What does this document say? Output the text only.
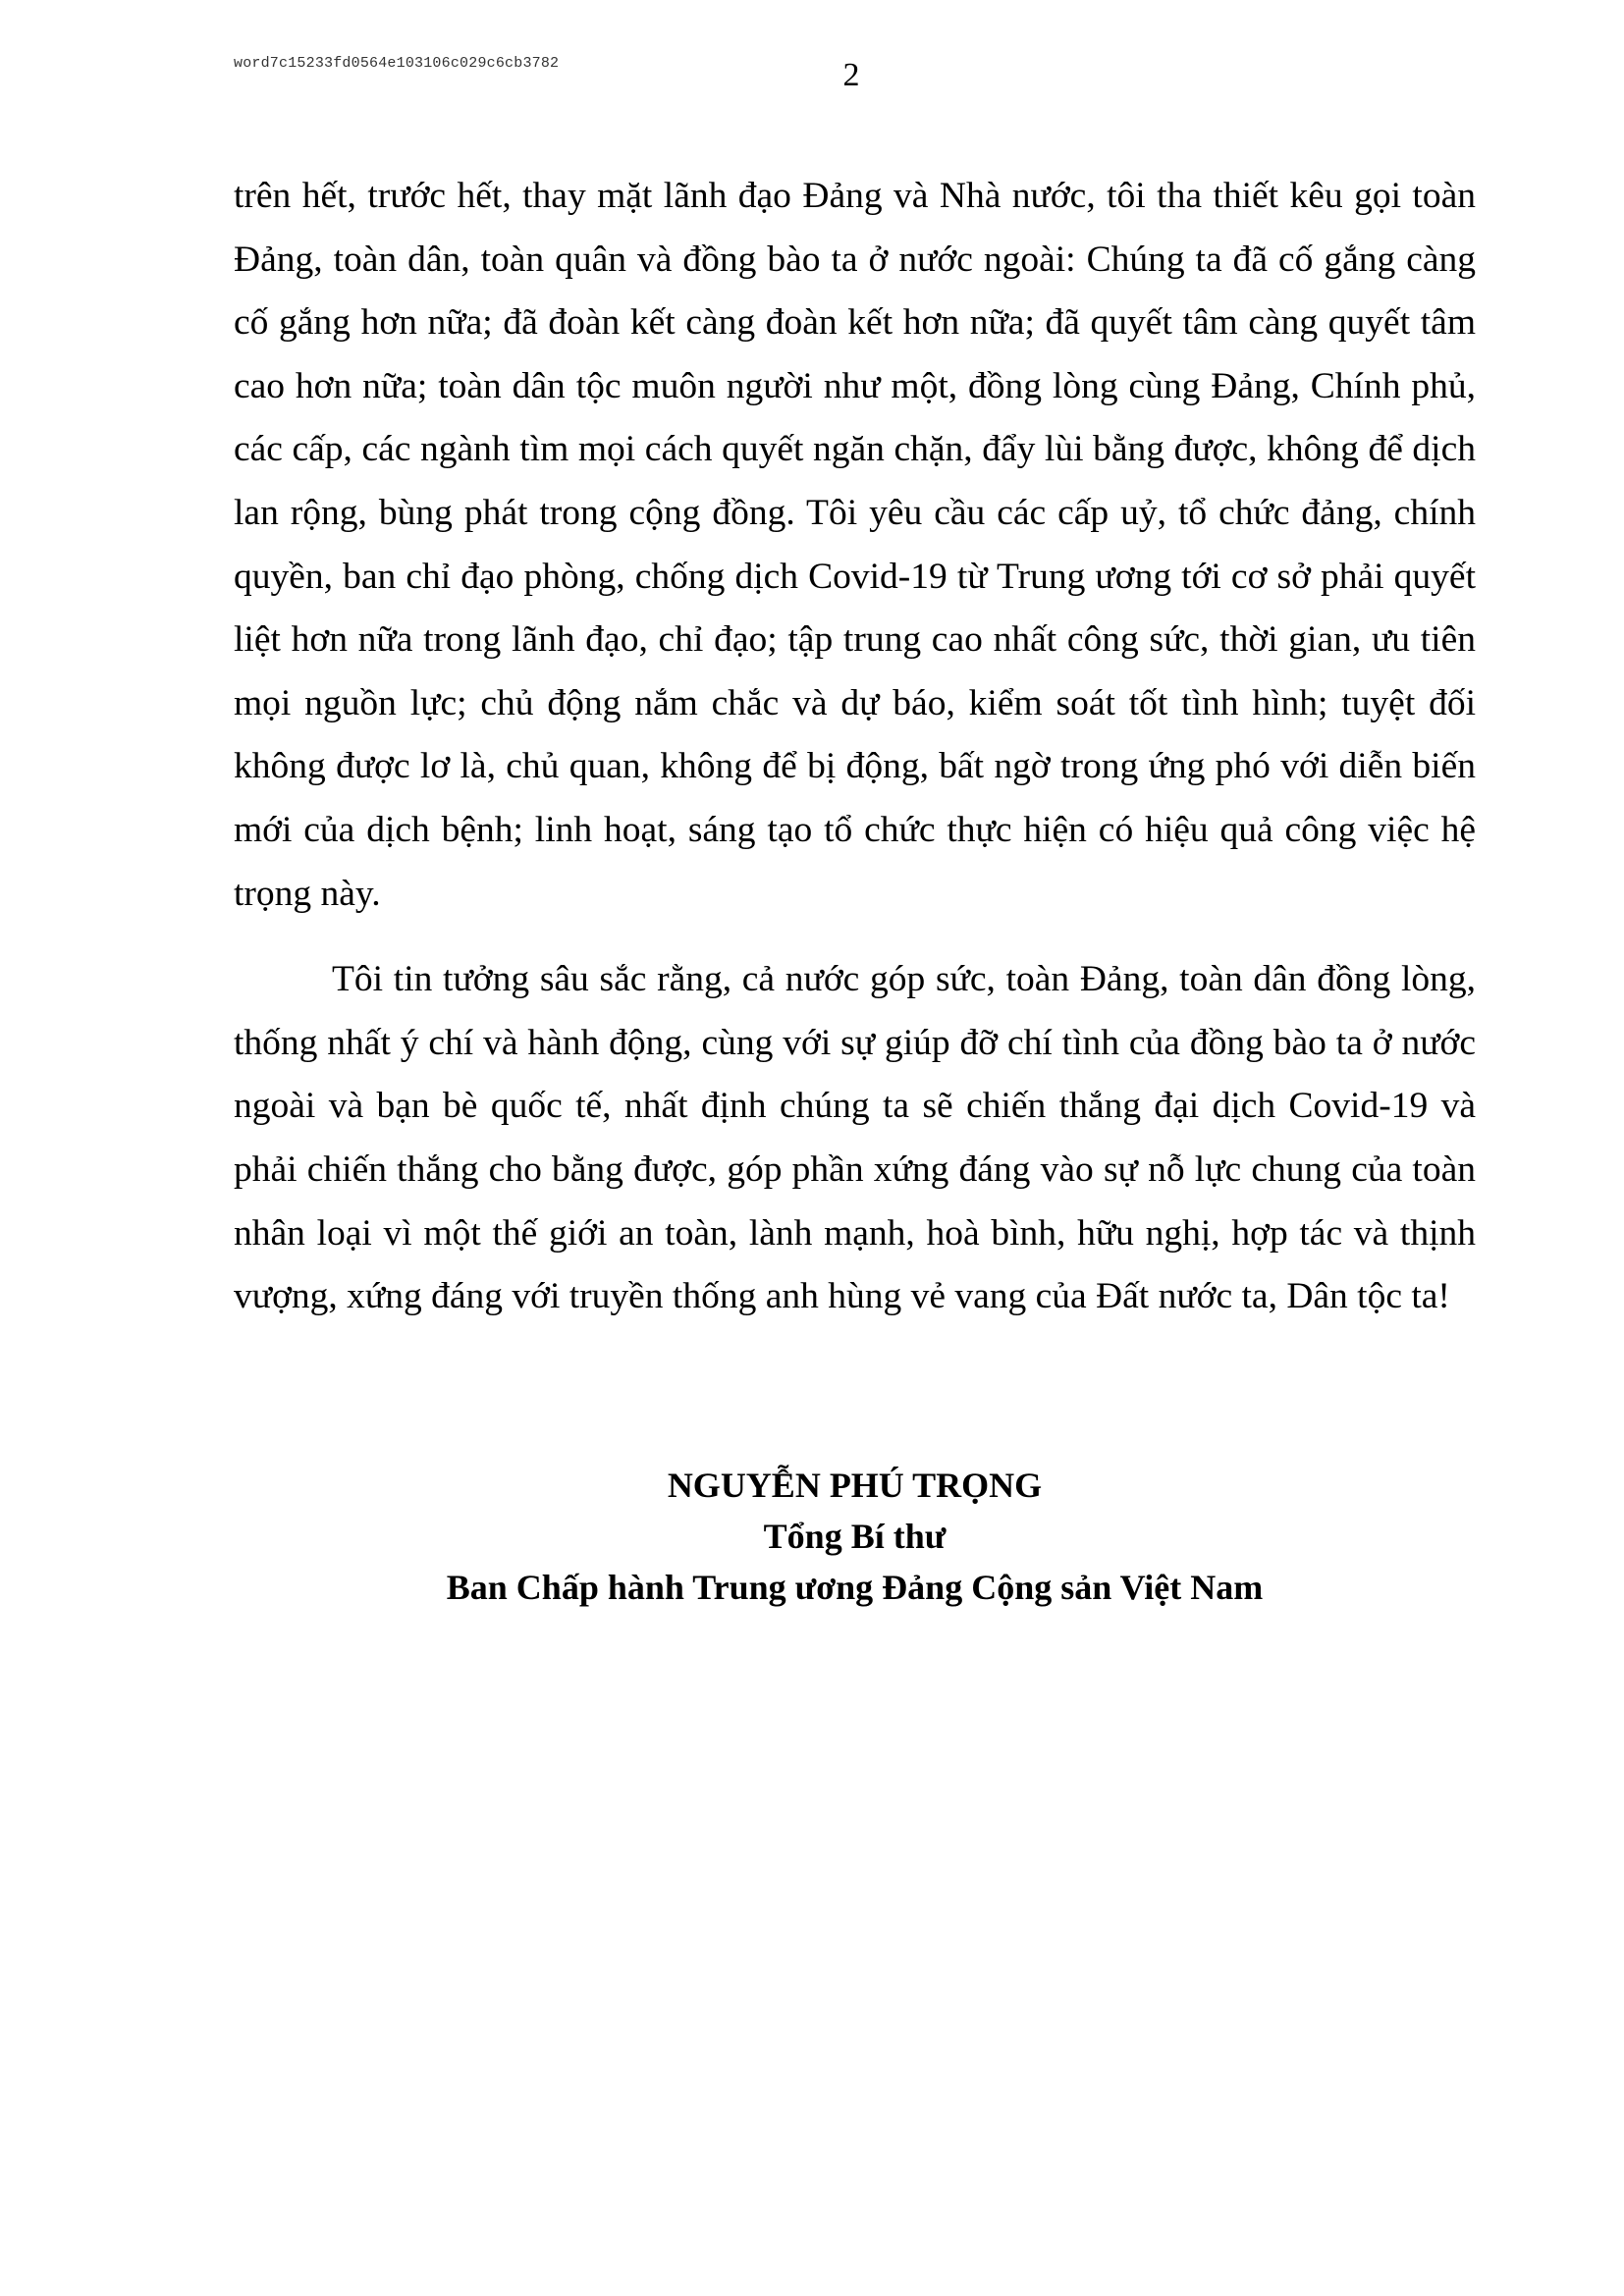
word7c15233fd0564e103106c029c6cb3782	2

trên hết, trước hết, thay mặt lãnh đạo Đảng và Nhà nước, tôi tha thiết kêu gọi toàn Đảng, toàn dân, toàn quân và đồng bào ta ở nước ngoài: Chúng ta đã cố gắng càng cố gắng hơn nữa; đã đoàn kết càng đoàn kết hơn nữa; đã quyết tâm càng quyết tâm cao hơn nữa; toàn dân tộc muôn người như một, đồng lòng cùng Đảng, Chính phủ, các cấp, các ngành tìm mọi cách quyết ngăn chặn, đẩy lùi bằng được, không để dịch lan rộng, bùng phát trong cộng đồng. Tôi yêu cầu các cấp uỷ, tổ chức đảng, chính quyền, ban chỉ đạo phòng, chống dịch Covid-19 từ Trung ương tới cơ sở phải quyết liệt hơn nữa trong lãnh đạo, chỉ đạo; tập trung cao nhất công sức, thời gian, ưu tiên mọi nguồn lực; chủ động nắm chắc và dự báo, kiểm soát tốt tình hình; tuyệt đối không được lơ là, chủ quan, không để bị động, bất ngờ trong ứng phó với diễn biến mới của dịch bệnh; linh hoạt, sáng tạo tổ chức thực hiện có hiệu quả công việc hệ trọng này.

Tôi tin tưởng sâu sắc rằng, cả nước góp sức, toàn Đảng, toàn dân đồng lòng, thống nhất ý chí và hành động, cùng với sự giúp đỡ chí tình của đồng bào ta ở nước ngoài và bạn bè quốc tế, nhất định chúng ta sẽ chiến thắng đại dịch Covid-19 và phải chiến thắng cho bằng được, góp phần xứng đáng vào sự nỗ lực chung của toàn nhân loại vì một thế giới an toàn, lành mạnh, hoà bình, hữu nghị, hợp tác và thịnh vượng, xứng đáng với truyền thống anh hùng vẻ vang của Đất nước ta, Dân tộc ta!

NGUYỄN PHÚ TRỌNG
Tổng Bí thư
Ban Chấp hành Trung ương Đảng Cộng sản Việt Nam
